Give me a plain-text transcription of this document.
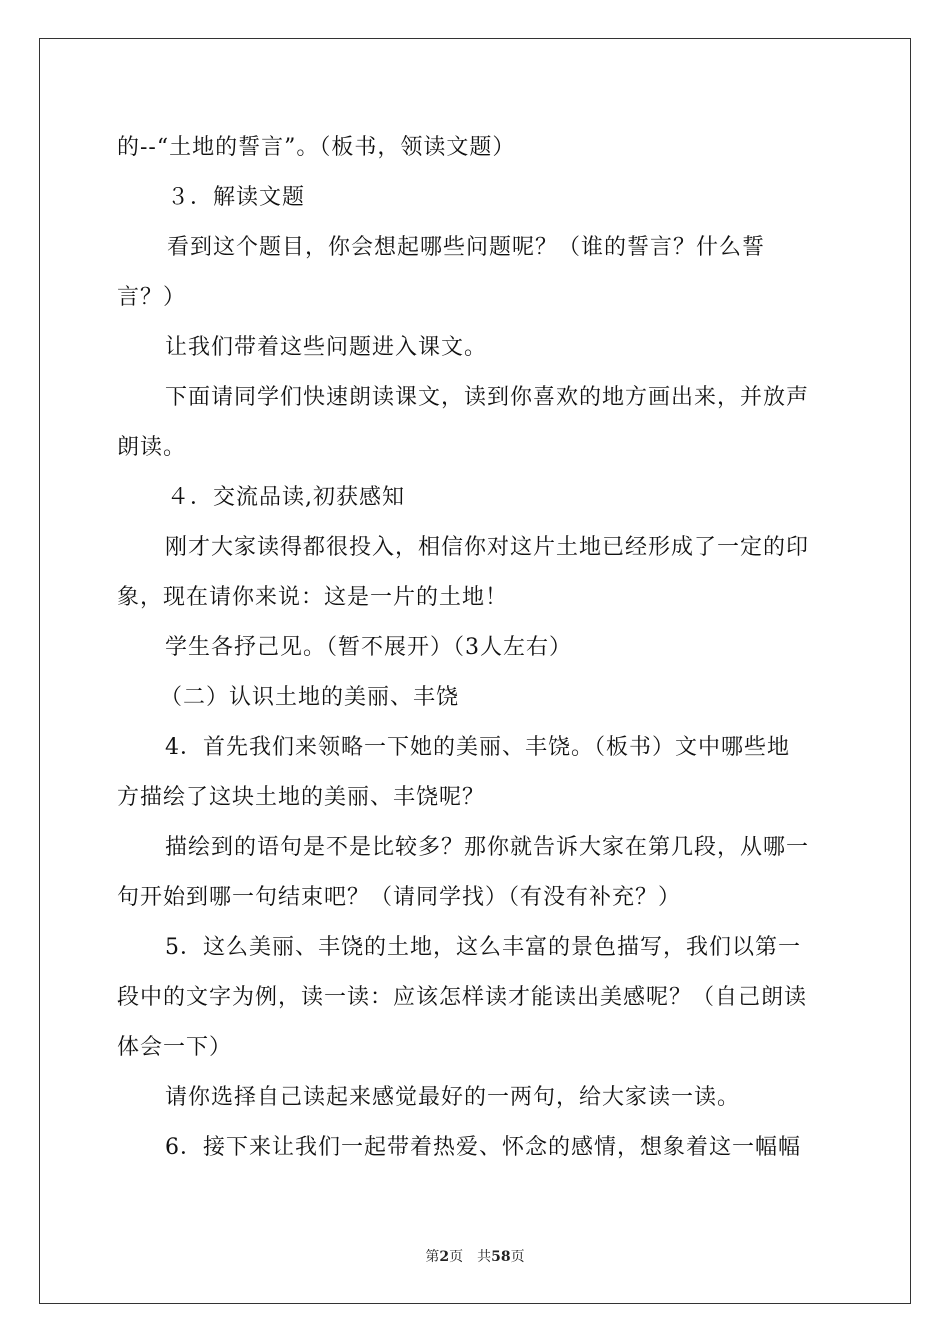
的--“土地的誓言”。（板书，领读文题）
３．解读文题
看到这个题目，你会想起哪些问题呢？（谁的誓言？什么誓
言？）
让我们带着这些问题进入课文。
下面请同学们快速朗读课文，读到你喜欢的地方画出来，并放声
朗读。
４．交流品读,初获感知
刚才大家读得都很投入，相信你对这片土地已经形成了一定的印
象，现在请你来说：这是一片的土地！
学生各抒己见。（暂不展开）（3人左右）
（二）认识土地的美丽、丰饶
4．首先我们来领略一下她的美丽、丰饶。（板书）文中哪些地
方描绘了这块土地的美丽、丰饶呢？
描绘到的语句是不是比较多？那你就告诉大家在第几段，从哪一
句开始到哪一句结束吧？（请同学找）（有没有补充？）
5．这么美丽、丰饶的土地，这么丰富的景色描写，我们以第一
段中的文字为例，读一读：应该怎样读才能读出美感呢？（自己朗读
体会一下）
请你选择自己读起来感觉最好的一两句，给大家读一读。
6．接下来让我们一起带着热爱、怀念的感情，想象着这一幅幅
第2页 共58页
